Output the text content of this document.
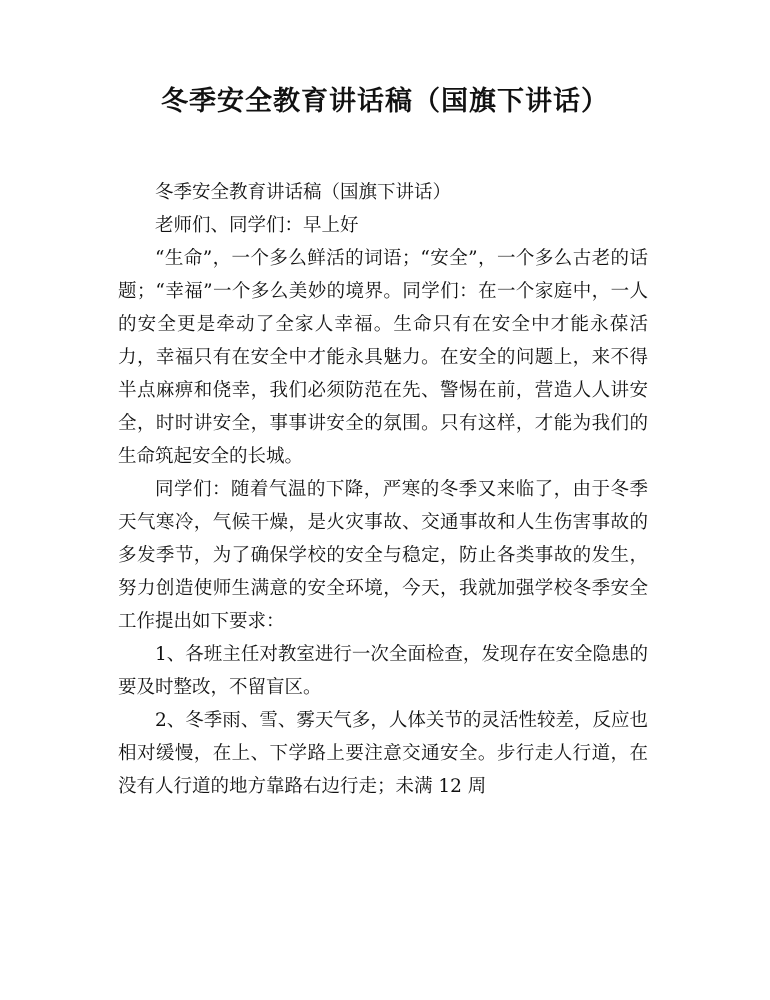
冬季安全教育讲话稿（国旗下讲话）

冬季安全教育讲话稿（国旗下讲话）

老师们、同学们：早上好

“生命”，一个多么鲜活的词语；“安全”，一个多么古老的话题；“幸福”一个多么美妙的境界。同学们：在一个家庭中，一人的安全更是牵动了全家人幸福。生命只有在安全中才能永葆活力，幸福只有在安全中才能永具魅力。在安全的问题上，来不得半点麻痹和侥幸，我们必须防范在先、警惕在前，营造人人讲安全，时时讲安全，事事讲安全的氛围。只有这样，才能为我们的生命筑起安全的长城。

同学们：随着气温的下降，严寒的冬季又来临了，由于冬季天气寒冷，气候干燥，是火灾事故、交通事故和人生伤害事故的多发季节，为了确保学校的安全与稳定，防止各类事故的发生，努力创造使师生满意的安全环境，今天，我就加强学校冬季安全工作提出如下要求：

1、各班主任对教室进行一次全面检查，发现存在安全隐患的要及时整改，不留盲区。

2、冬季雨、雪、雾天气多，人体关节的灵活性较差，反应也相对缓慢，在上、下学路上要注意交通安全。步行走人行道，在没有人行道的地方靠路右边行走；未满 12 周
